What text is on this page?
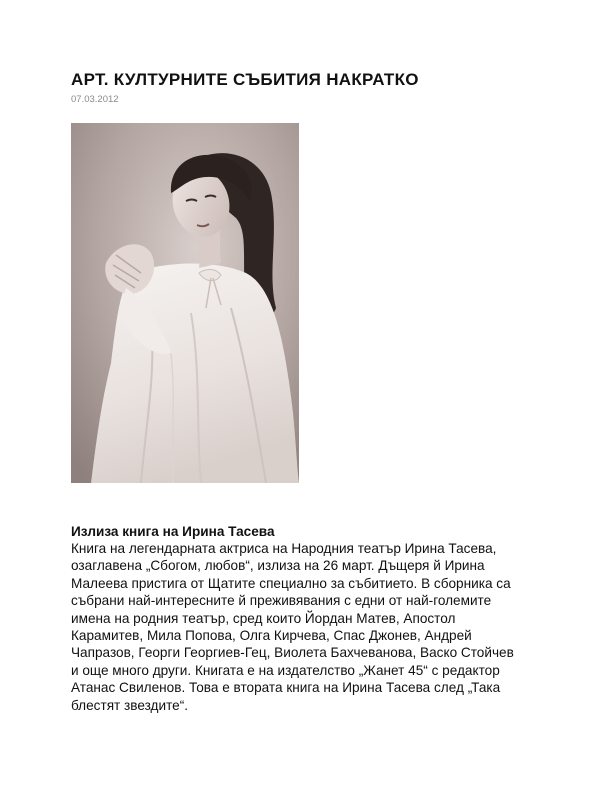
АРТ. КУЛТУРНИТЕ СЪБИТИЯ НАКРАТКО
07.03.2012
Излиза книга на Ирина Тасева

Книга на легендарната актриса на Народния театър Ирина Тасева,
озаглавена „Сбогом, любов“, излиза на 26 март. Дъщеря й Ирина
Малеева пристига от Щатите специално за събитието. В сборника са
събрани най-интересните й преживявания с едни от най-големите
имена на родния театър, сред които Йордан Матев, Апостол
Карамитев, Мила Попова, Олга Кирчева, Спас Джонев, Андрей
Чапразов, Георги Георгиев-Гец, Виолета Бахчеванова, Васко Стойчев
и още много други. Книгата е на издателство „Жанет 45“ с редактор
Атанас Свиленов. Това е втората книга на Ирина Тасева след „Така
блестят звездите“.
